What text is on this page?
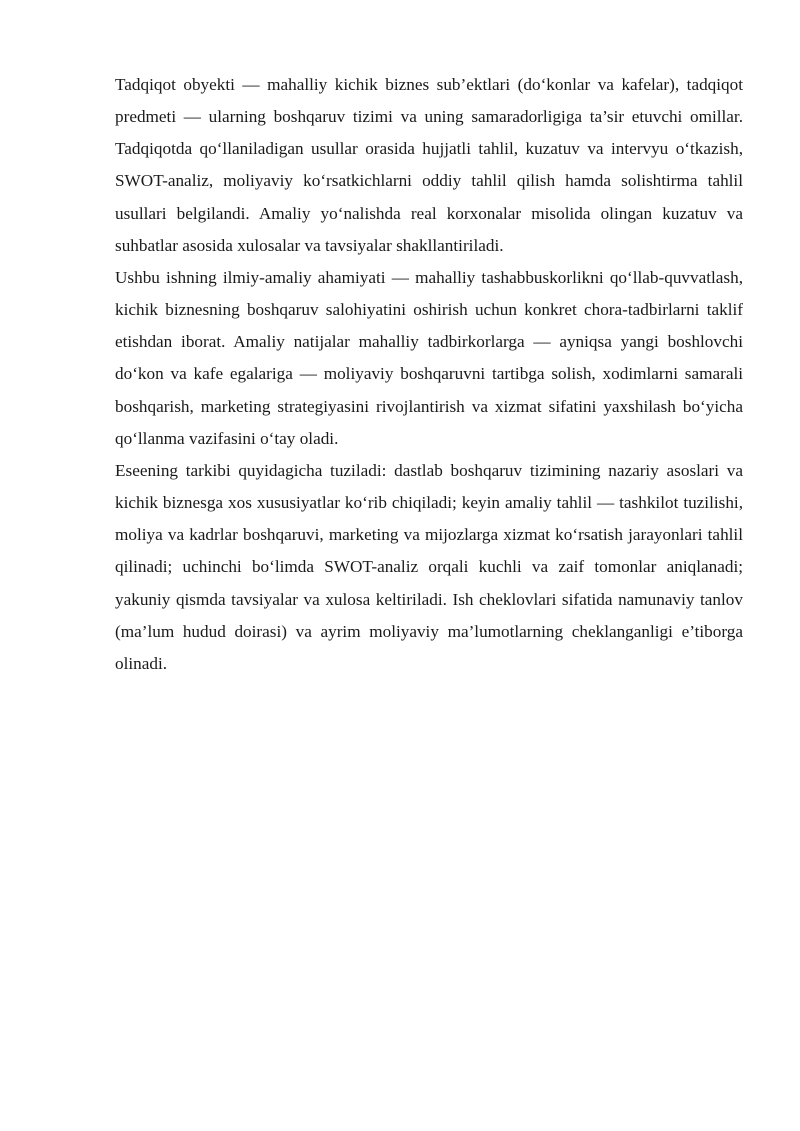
Tadqiqot obyekti — mahalliy kichik biznes sub’ektlari (do‘konlar va kafelar), tadqiqot predmeti — ularning boshqaruv tizimi va uning samaradorligiga ta’sir etuvchi omillar. Tadqiqotda qo‘llaniladigan usullar orasida hujjatli tahlil, kuzatuv va intervyu o‘tkazish, SWOT-analiz, moliyaviy ko‘rsatkichlarni oddiy tahlil qilish hamda solishtirma tahlil usullari belgilandi. Amaliy yo‘nalishda real korxonalar misolida olingan kuzatuv va suhbatlar asosida xulosalar va tavsiyalar shakllantiriladi.

Ushbu ishning ilmiy-amaliy ahamiyati — mahalliy tashabbuskorlikni qo‘llab-quvvatlash, kichik biznesning boshqaruv salohiyatini oshirish uchun konkret chora-tadbirlarni taklif etishdan iborat. Amaliy natijalar mahalliy tadbirkorlarga — ayniqsa yangi boshlovchi do‘kon va kafe egalariga — moliyaviy boshqaruvni tartibga solish, xodimlarni samarali boshqarish, marketing strategiyasini rivojlantirish va xizmat sifatini yaxshilash bo‘yicha qo‘llanma vazifasini o‘tay oladi.

Eseening tarkibi quyidagicha tuziladi: dastlab boshqaruv tizimining nazariy asoslari va kichik biznesga xos xususiyatlar ko‘rib chiqiladi; keyin amaliy tahlil — tashkilot tuzilishi, moliya va kadrlar boshqaruvi, marketing va mijozlarga xizmat ko‘rsatish jarayonlari tahlil qilinadi; uchinchi bo‘limda SWOT-analiz orqali kuchli va zaif tomonlar aniqlanadi; yakuniy qismda tavsiyalar va xulosa keltiriladi. Ish cheklovlari sifatida namunaviy tanlov (ma’lum hudud doirasi) va ayrim moliyaviy ma’lumotlarning cheklanganligi e’tiborga olinadi.
